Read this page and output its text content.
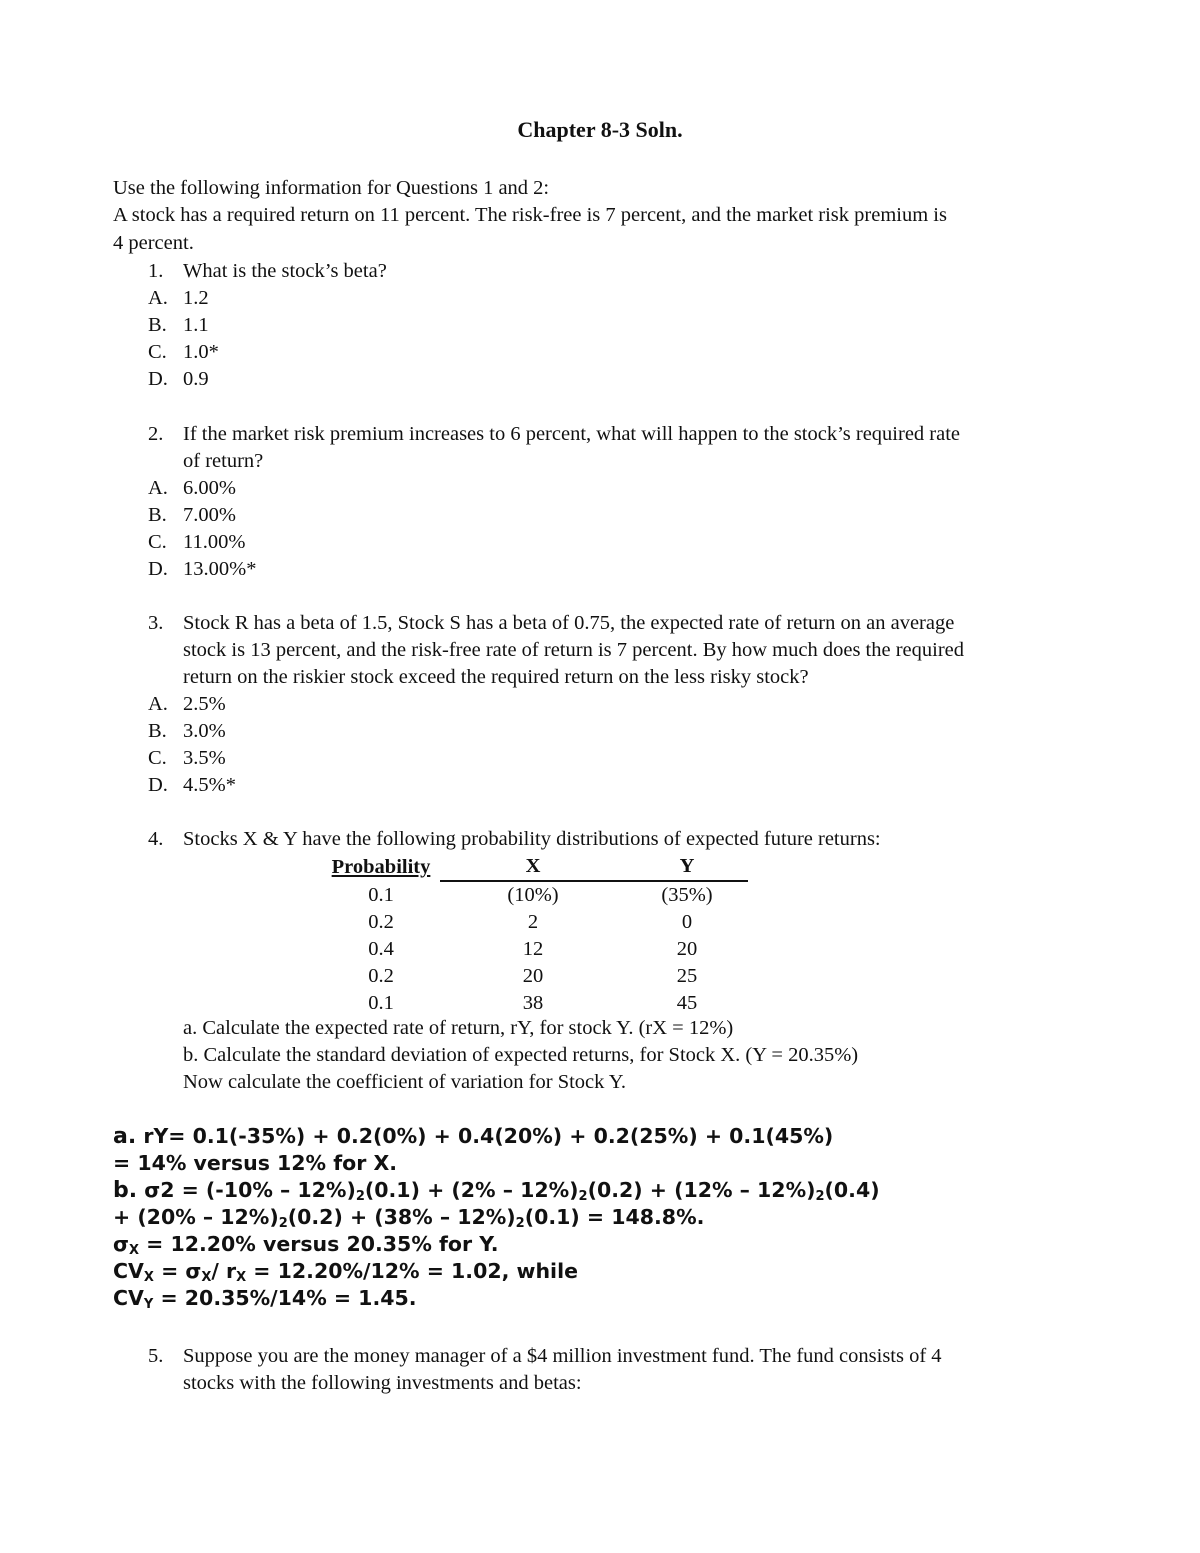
Chapter 8-3 Soln.
Use the following information for Questions 1 and 2:
A stock has a required return on 11 percent. The risk-free is 7 percent, and the market risk premium is
4 percent.
1. What is the stock’s beta?
A. 1.2
B. 1.1
C. 1.0*
D. 0.9
2. If the market risk premium increases to 6 percent, what will happen to the stock’s required rate
of return?
A. 6.00%
B. 7.00%
C. 11.00%
D. 13.00%*
3. Stock R has a beta of 1.5, Stock S has a beta of 0.75, the expected rate of return on an average
stock is 13 percent, and the risk-free rate of return is 7 percent. By how much does the required
return on the riskier stock exceed the required return on the less risky stock?
A. 2.5%
B. 3.0%
C. 3.5%
D. 4.5%*
4. Stocks X & Y have the following probability distributions of expected future returns:
Probability	X	Y
0.1	(10%)	(35%)
0.2	2	0
0.4	12	20
0.2	20	25
0.1	38	45
a. Calculate the expected rate of return, rY, for stock Y. (rX = 12%)
b. Calculate the standard deviation of expected returns, for Stock X. (Y = 20.35%)
Now calculate the coefficient of variation for Stock Y.
a. rY= 0.1(-35%) + 0.2(0%) + 0.4(20%) + 0.2(25%) + 0.1(45%)
= 14% versus 12% for X.
b. $\sigma 2 = (-10\% - 12\%)_2(0.1) + (2\% - 12\%)_2(0.2) + (12\% - 12\%)_2(0.4)$
+ $(20\% - 12\%)_2(0.2) + (38\% - 12\%)_2(0.1) = 148.8\%$.
$\sigma_X = 12.20\%$ versus 20.35% for Y.
$CV_X = \sigma_X/$ $r_X = 12.20\%/12\% = 1.02$, while
$CV_Y = 20.35\%/14\% = 1.45$.
5. Suppose you are the money manager of a $4 million investment fund. The fund consists of 4
stocks with the following investments and betas:
